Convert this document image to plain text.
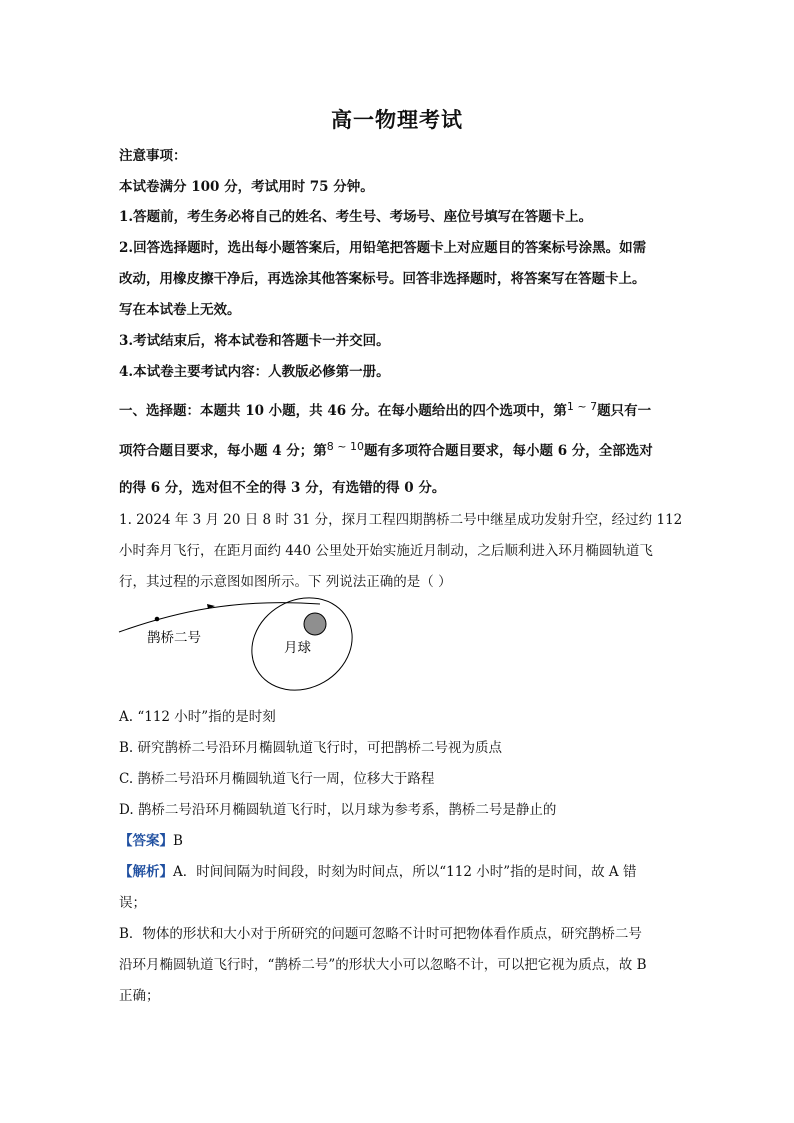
高一物理考试
注意事项：
本试卷满分 100 分，考试用时 75 分钟。
1.答题前，考生务必将自己的姓名、考生号、考场号、座位号填写在答题卡上。
2.回答选择题时，选出每小题答案后，用铅笔把答题卡上对应题目的答案标号涂黑。如需
改动，用橡皮擦干净后，再选涂其他答案标号。回答非选择题时，将答案写在答题卡上。
写在本试卷上无效。
3.考试结束后，将本试卷和答题卡一并交回。
4.本试卷主要考试内容：人教版必修第一册。
一、选择题：本题共 10 小题，共 46 分。在每小题给出的四个选项中，第$^{1 \sim 7}$题只有一
项符合题目要求，每小题 4 分；第$^{8 \sim 10}$题有多项符合题目要求，每小题 6 分，全部选对
的得 6 分，选对但不全的得 3 分，有选错的得 0 分。
1. 2024 年 3 月 20 日 8 时 31 分，探月工程四期鹊桥二号中继星成功发射升空，经过约 112
小时奔月飞行，在距月面约 440 公里处开始实施近月制动，之后顺利进入环月椭圆轨道飞
行，其过程的示意图如图所示。下 列说法正确的是（ ）
鹊桥二号
月球
A. “112 小时”指的是时刻
B. 研究鹊桥二号沿环月椭圆轨道飞行时，可把鹊桥二号视为质点
C. 鹊桥二号沿环月椭圆轨道飞行一周，位移大于路程
D. 鹊桥二号沿环月椭圆轨道飞行时，以月球为参考系，鹊桥二号是静止的
【答案】B
【解析】A．时间间隔为时间段，时刻为时间点，所以“112 小时”指的是时间，故 A 错
误；
B．物体的形状和大小对于所研究的问题可忽略不计时可把物体看作质点，研究鹊桥二号
沿环月椭圆轨道飞行时，“鹊桥二号”的形状大小可以忽略不计，可以把它视为质点，故 B
正确；
